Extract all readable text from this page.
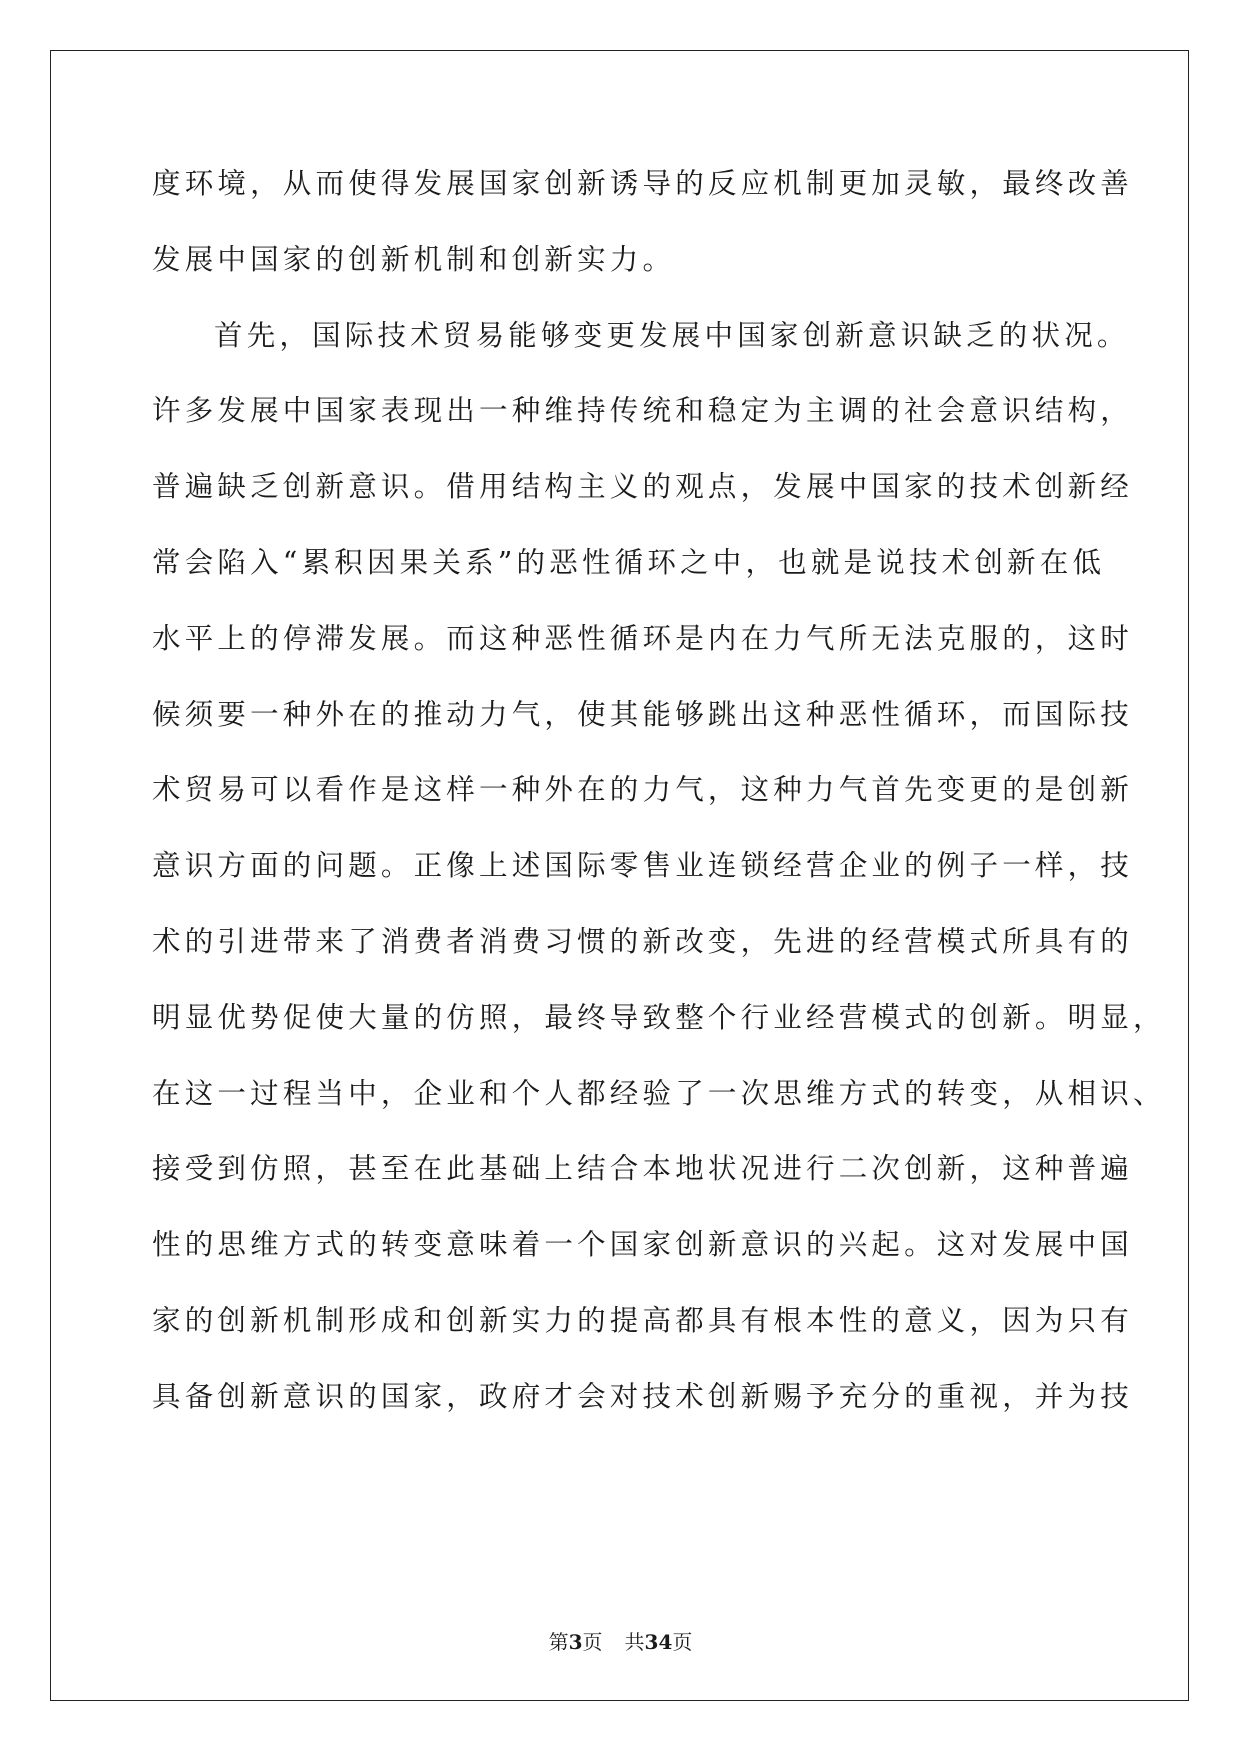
度环境，从而使得发展国家创新诱导的反应机制更加灵敏，最终改善
发展中国家的创新机制和创新实力。
首先，国际技术贸易能够变更发展中国家创新意识缺乏的状况。
许多发展中国家表现出一种维持传统和稳定为主调的社会意识结构，
普遍缺乏创新意识。借用结构主义的观点，发展中国家的技术创新经
常会陷入“累积因果关系”的恶性循环之中，也就是说技术创新在低
水平上的停滞发展。而这种恶性循环是内在力气所无法克服的，这时
候须要一种外在的推动力气，使其能够跳出这种恶性循环，而国际技
术贸易可以看作是这样一种外在的力气，这种力气首先变更的是创新
意识方面的问题。正像上述国际零售业连锁经营企业的例子一样，技
术的引进带来了消费者消费习惯的新改变，先进的经营模式所具有的
明显优势促使大量的仿照，最终导致整个行业经营模式的创新。明显，
在这一过程当中，企业和个人都经验了一次思维方式的转变，从相识、
接受到仿照，甚至在此基础上结合本地状况进行二次创新，这种普遍
性的思维方式的转变意味着一个国家创新意识的兴起。这对发展中国
家的创新机制形成和创新实力的提高都具有根本性的意义，因为只有
具备创新意识的国家，政府才会对技术创新赐予充分的重视，并为技
第3页 共34页
